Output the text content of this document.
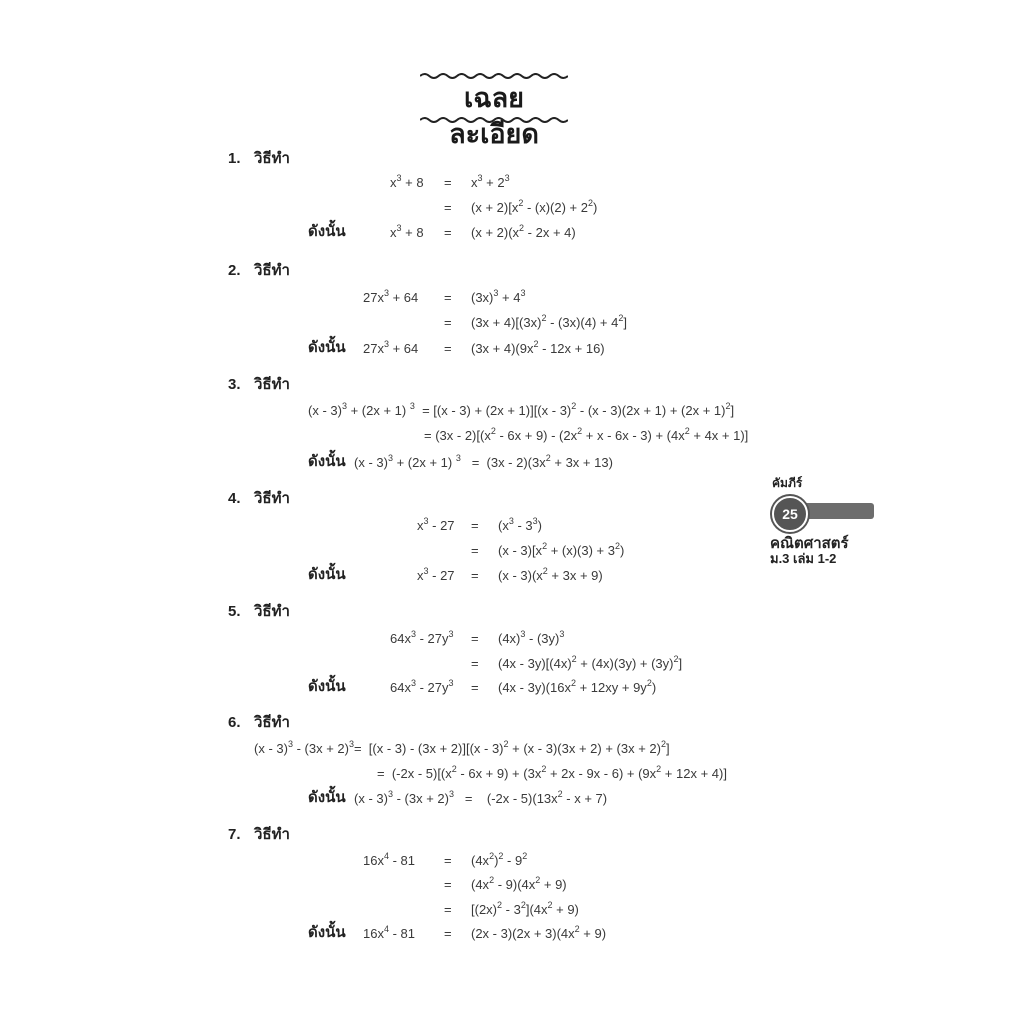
เฉลยละเอียด
1. วิธีทำ
$x^3 + 8 = x^3 + 2^3$
= $(x + 2)[x^2 - (x)(2) + 2^2)$
ดังนั้น	$x^3 + 8 = (x + 2)(x^2 - 2x + 4)$
2. วิธีทำ
$27x^3 + 64 = (3x)^3 + 4^3$
= $(3x + 4)[(3x)^2 - (3x)(4) + 4^2]$
ดังนั้น $27x^3 + 64 = (3x + 4)(9x^2 - 12x + 16)$
3. วิธีทำ
(x - 3)$^3$ + (2x + 1) $^3 = [(x - 3) + (2x + 1)][(x - 3)^2 - (x - 3)(2x + 1) + (2x + 1)^2]$
= $(3x - 2)[(x^2 - 6x + 9) - (2x^2 + x - 6x - 3) + (4x^2 + 4x + 1)]$
ดังนั้น (x - 3)$^3$ + (2x + 1) $^3 = (3x - 2)(3x^2 + 3x + 13)$
4. วิธีทำ
$x^3 - 27 = (x^3 - 3^3)$
= $(x - 3)[x^2 + (x)(3) + 3^2)$
ดังนั้น	$x^3 - 27 = (x - 3)(x^2 + 3x + 9)$
5. วิธีทำ
$64x^3 - 27y^3 = (4x)^3 - (3y)^3$
= $(4x - 3y)[(4x)^2 + (4x)(3y) + (3y)^2]$
ดังนั้น	$64x^3 - 27y^3 = (4x - 3y)(16x^2 + 12xy + 9y^2)$
6. วิธีทำ
$(x - 3)^3 - (3x + 2)^3= [(x - 3) - (3x + 2)][(x - 3)^2 + (x - 3)(3x + 2) + (3x + 2)^2]$
=  $(-2x - 5)[(x^2 - 6x + 9) + (3x^2 + 2x - 9x - 6) + (9x^2 + 12x + 4)]$
ดังนั้น $(x - 3)^3 - (3x + 2)^3$   =    $(-2x - 5)(13x^2 - x + 7)$
7. วิธีทำ
$16x^4 - 81 = (4x^2)^2 - 9^2$
= $(4x^2 - 9)(4x^2 + 9)$
= $[(2x)^2 - 3^2](4x^2 + 9)$
ดังนั้น $16x^4 - 81 = (2x - 3)(2x + 3)(4x^2 + 9)$
คัมภีร์
25
คณิตศาสตร์
ม.3 เล่ม 1-2
